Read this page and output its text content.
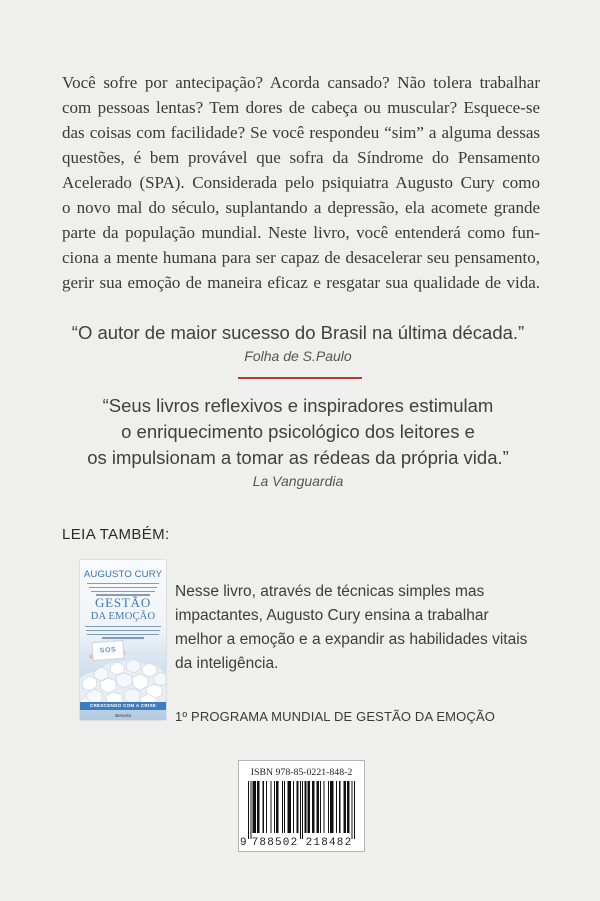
Você sofre por antecipação? Acorda cansado? Não tolera trabalhar
com pessoas lentas? Tem dores de cabeça ou muscular? Esquece-se
das coisas com facilidade? Se você respondeu “sim” a alguma dessas
questões, é bem provável que sofra da Síndrome do Pensamento
Acelerado (SPA). Considerada pelo psiquiatra Augusto Cury como
o novo mal do século, suplantando a depressão, ela acomete grande
parte da população mundial. Neste livro, você entenderá como fun-
ciona a mente humana para ser capaz de desacelerar seu pensamento,
gerir sua emoção de maneira eficaz e resgatar sua qualidade de vida.
“O autor de maior sucesso do Brasil na última década.”
Folha de S.Paulo
“Seus livros reflexivos e inspiradores estimulam
o enriquecimento psicológico dos leitores e
os impulsionam a tomar as rédeas da própria vida.”
La Vanguardia
LEIA TAMBÉM:
AUGUSTO CURY
GESTÃO
DA EMOÇÃO
SOS
CRESCENDO COM A CRISE
Benvirá
Nesse livro, através de técnicas simples mas
impactantes, Augusto Cury ensina a trabalhar
melhor a emoção e a expandir as habilidades vitais
da inteligência.
1º PROGRAMA MUNDIAL DE GESTÃO DA EMOÇÃO
ISBN 978-85-0221-848-2
9 788502 218482
